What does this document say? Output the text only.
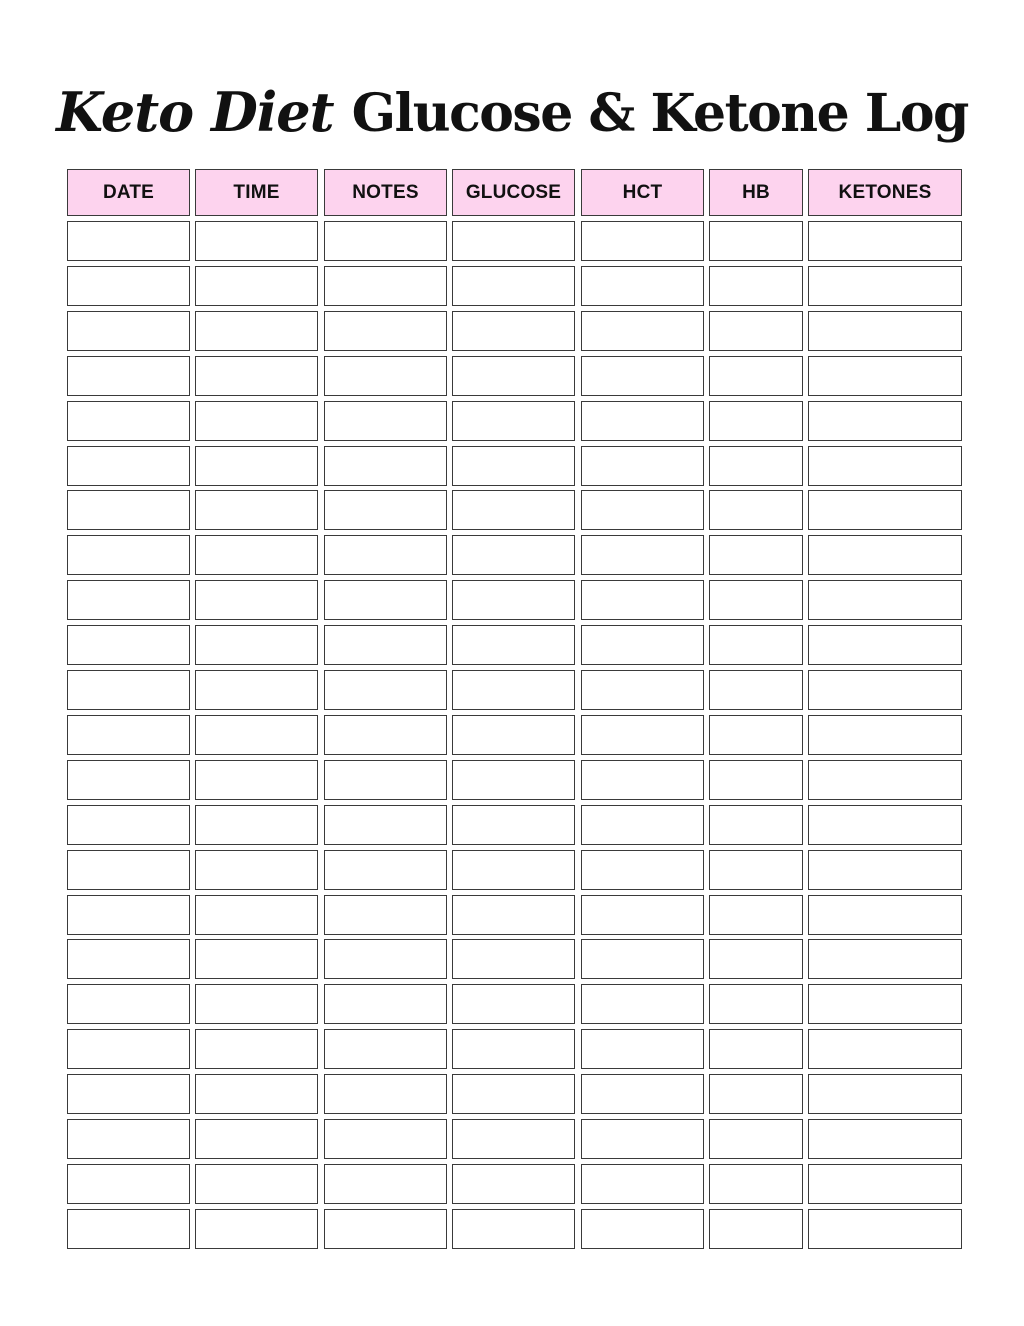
Keto Diet Glucose & Ketone Log
DATE	TIME	NOTES	GLUCOSE	HCT	HB	KETONES
